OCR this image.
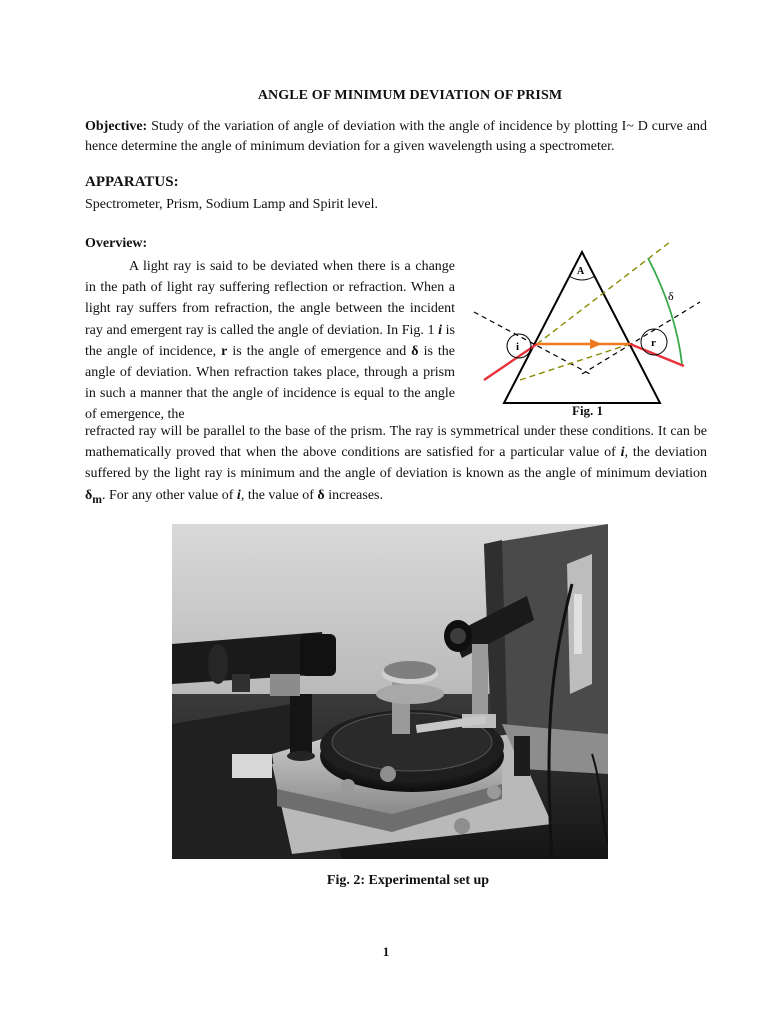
ANGLE OF MINIMUM DEVIATION OF PRISM
Objective: Study of the variation of angle of deviation with the angle of incidence by plotting I~ D curve and hence determine the angle of minimum deviation for a given wavelength using a spectrometer.
APPARATUS:
Spectrometer, Prism, Sodium Lamp and Spirit level.
Overview:

A light ray is said to be deviated when there is a change in the path of light ray suffering reflection or refraction. When a light ray suffers from refraction, the angle between the incident ray and emergent ray is called the angle of deviation. In Fig. 1 i is the angle of incidence, r is the angle of emergence and δ is the angle of deviation. When refraction takes place, through a prism in such a manner that the angle of incidence is equal to the angle of emergence, the

refracted ray will be parallel to the base of the prism. The ray is symmetrical under these conditions. It can be mathematically proved that when the above conditions are satisfied for a particular value of i, the deviation suffered by the light ray is minimum and the angle of deviation is known as the angle of minimum deviation $\delta_m$. For any other value of i, the value of δ increases.
A
i	r
δ
Fig. 1
Fig. 2: Experimental set up
1
